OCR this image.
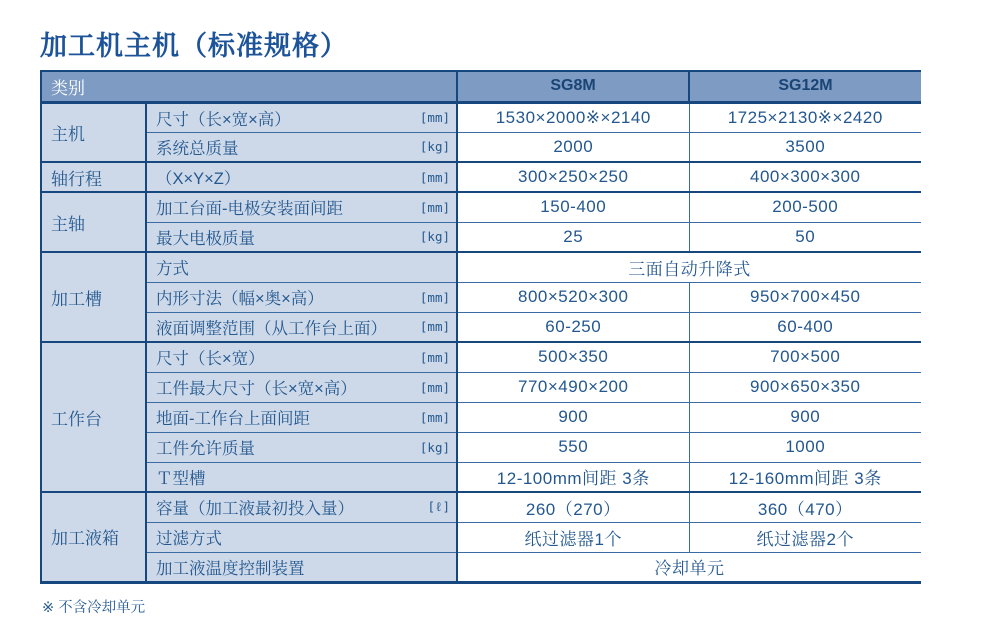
加工机主机（标准规格）
类别		SG8M	SG12M
主机	尺寸（长×宽×高） [mm]	1530×2000※×2140	1725×2130※×2420

	系统总质量 [kg]	2000	3500
轴行程	（X×Y×Z） [mm]	300×250×250	400×300×300
主轴	加工台面-电极安装面间距 [mm]	150-400	200-500

	最大电极质量 [kg]	25	50
加工槽	方式	三面自动升降式	

	内形寸法（幅×奥×高） [mm]	800×520×300	950×700×450

	液面调整范围（从工作台上面） [mm]	60-250	60-400
工作台	尺寸（长×宽） [mm]	500×350	700×500

	工件最大尺寸（长×宽×高） [mm]	770×490×200	900×650×350

	地面-工作台上面间距 [mm]	900	900

	工件允许质量 [kg]	550	1000

	Ｔ型槽	12-100mm间距 3条	12-160mm间距 3条
加工液箱	容量（加工液最初投入量） [ℓ]	260（270）	360（470）

	过滤方式	纸过滤器1个	纸过滤器2个

	加工液温度控制装置	冷却单元	
※ 不含冷却单元
